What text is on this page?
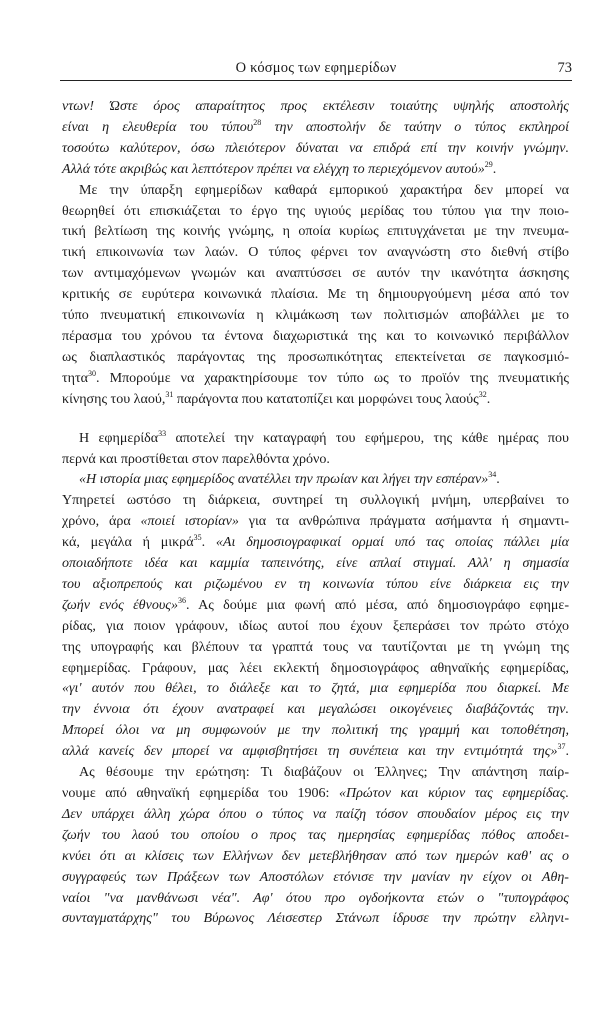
Ο κόσμος των εφημερίδων	73
ντων! Ώστε όρος απαραίτητος προς εκτέλεσιν τοιαύτης υψηλής αποστολής
είναι η ελευθερία του τύπου$^{28}$ την αποστολήν δε ταύτην ο τύπος εκπληροί
τοσούτω καλύτερον, όσω πλειότερον δύναται να επιδρά επί την κοινήν γνώμην.
Αλλά τότε ακριβώς και λεπτότερον πρέπει να ελέγχη το περιεχόμενον αυτού»$^{29}$.
Με την ύπαρξη εφημερίδων καθαρά εμπορικού χαρακτήρα δεν μπορεί να
θεωρηθεί ότι επισκιάζεται το έργο της υγιούς μερίδας του τύπου για την ποιο-
τική βελτίωση της κοινής γνώμης, η οποία κυρίως επιτυγχάνεται με την πνευμα-
τική επικοινωνία των λαών. Ο τύπος φέρνει τον αναγνώστη στο διεθνή στίβο
των αντιμαχόμενων γνωμών και αναπτύσσει σε αυτόν την ικανότητα άσκησης
κριτικής σε ευρύτερα κοινωνικά πλαίσια. Με τη δημιουργούμενη μέσα από τον
τύπο πνευματική επικοινωνία η κλιμάκωση των πολιτισμών αποβάλλει με το
πέρασμα του χρόνου τα έντονα διαχωριστικά της και το κοινωνικό περιβάλλον
ως διαπλαστικός παράγοντας της προσωπικότητας επεκτείνεται σε παγκοσμιό-
τητα$^{30}$. Μπορούμε να χαρακτηρίσουμε τον τύπο ως το προϊόν της πνευματικής
κίνησης του λαού,$^{31}$ παράγοντα που κατατοπίζει και μορφώνει τους λαούς$^{32}$.
Η εφημερίδα$^{33}$ αποτελεί την καταγραφή του εφήμερου, της κάθε ημέρας που
περνά και προστίθεται στον παρελθόντα χρόνο.
«Η ιστορία μιας εφημερίδος ανατέλλει την πρωίαν και λήγει την εσπέραν»$^{34}$.
Υπηρετεί ωστόσο τη διάρκεια, συντηρεί τη συλλογική μνήμη, υπερβαίνει το
χρόνο, άρα «ποιεί ιστορίαν» για τα ανθρώπινα πράγματα ασήμαντα ή σημαντι-
κά, μεγάλα ή μικρά$^{35}$. «Αι δημοσιογραφικαί ορμαί υπό τας οποίας πάλλει μία
οποιαδήποτε ιδέα και καμμία ταπεινότης, είνε απλαί στιγμαί. Αλλ' η σημασία
του αξιοπρεπούς και ριζωμένου εν τη κοινωνία τύπου είνε διάρκεια εις την
ζωήν ενός έθνους»$^{36}$. Ας δούμε μια φωνή από μέσα, από δημοσιογράφο εφημε-
ρίδας, για ποιον γράφουν, ιδίως αυτοί που έχουν ξεπεράσει τον πρώτο στόχο
της υπογραφής και βλέπουν τα γραπτά τους να ταυτίζονται με τη γνώμη της
εφημερίδας. Γράφουν, μας λέει εκλεκτή δημοσιογράφος αθηναϊκής εφημερίδας,
«γι' αυτόν που θέλει, το διάλεξε και το ζητά, μια εφημερίδα που διαρκεί. Με
την έννοια ότι έχουν ανατραφεί και μεγαλώσει οικογένειες διαβάζοντάς την.
Μπορεί όλοι να μη συμφωνούν με την πολιτική της γραμμή και τοποθέτηση,
αλλά κανείς δεν μπορεί να αμφισβητήσει τη συνέπεια και την εντιμότητά της»$^{37}$.
Ας θέσουμε την ερώτηση: Τι διαβάζουν οι Έλληνες; Την απάντηση παίρ-
νουμε από αθηναϊκή εφημερίδα του 1906: «Πρώτον και κύριον τας εφημερίδας.
Δεν υπάρχει άλλη χώρα όπου ο τύπος να παίζη τόσον σπουδαίον μέρος εις την
ζωήν του λαού του οποίου ο προς τας ημερησίας εφημερίδας πόθος αποδει-
κνύει ότι αι κλίσεις των Ελλήνων δεν μετεβλήθησαν από των ημερών καθ' ας ο
συγγραφεύς των Πράξεων των Αποστόλων ετόνισε την μανίαν ην είχον οι Αθη-
ναίοι "να μανθάνωσι νέα". Αφ' ότου προ ογδοήκοντα ετών ο "τυπογράφος
συνταγματάρχης" του Βύρωνος Λέισεστερ Στάνωπ ίδρυσε την πρώτην ελληνι-
